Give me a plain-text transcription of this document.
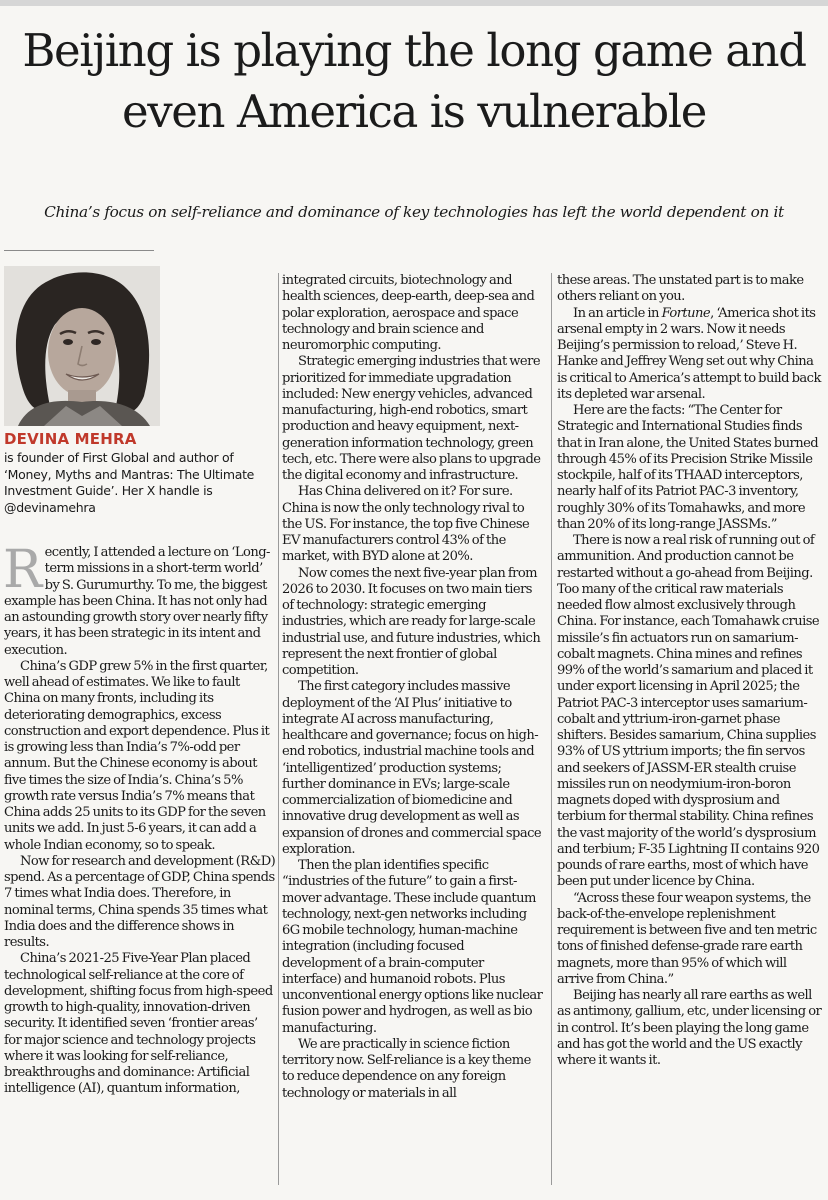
Beijing is playing the long game and even America is vulnerable
China’s focus on self-reliance and dominance of key technologies has left the world dependent on it
DEVINA MEHRA
is founder of First Global and author of ‘Money, Myths and Mantras: The Ultimate Investment Guide’. Her X handle is @devinamehra

Recently, I attended a lecture on ‘Long-term missions in a short-term world’ by S. Gurumurthy. To me, the biggest example has been China. It has not only had an astounding growth story over nearly fifty years, it has been strategic in its intent and execution.

China’s GDP grew 5% in the first quarter, well ahead of estimates. We like to fault China on many fronts, including its deteriorating demographics, excess construction and export dependence. Plus it is growing less than India’s 7%-odd per annum. But the Chinese economy is about five times the size of India’s. China’s 5% growth rate versus India’s 7% means that China adds 25 units to its GDP for the seven units we add. In just 5-6 years, it can add a whole Indian economy, so to speak.

Now for research and development (R&D) spend. As a percentage of GDP, China spends 7 times what India does. Therefore, in nominal terms, China spends 35 times what India does and the difference shows in results.

China’s 2021-25 Five-Year Plan placed technological self-reliance at the core of development, shifting focus from high-speed growth to high-quality, innovation-driven security. It identified seven ‘frontier areas’ for major science and technology projects where it was looking for self-reliance, breakthroughs and dominance: Artificial intelligence (AI), quantum information,

integrated circuits, biotechnology and health sciences, deep-earth, deep-sea and polar exploration, aerospace and space technology and brain science and neuromorphic computing.

Strategic emerging industries that were prioritized for immediate upgradation included: New energy vehicles, advanced manufacturing, high-end robotics, smart production and heavy equipment, next-generation information technology, green tech, etc. There were also plans to upgrade the digital economy and infrastructure.

Has China delivered on it? For sure. China is now the only technology rival to the US. For instance, the top five Chinese EV manufacturers control 43% of the market, with BYD alone at 20%.

Now comes the next five-year plan from 2026 to 2030. It focuses on two main tiers of technology: strategic emerging industries, which are ready for large-scale industrial use, and future industries, which represent the next frontier of global competition.

The first category includes massive deployment of the ‘AI Plus’ initiative to integrate AI across manufacturing, healthcare and governance; focus on high-end robotics, industrial machine tools and ‘intelligentized’ production systems; further dominance in EVs; large-scale commercialization of biomedicine and innovative drug development as well as expansion of drones and commercial space exploration.

Then the plan identifies specific “industries of the future” to gain a first-mover advantage. These include quantum technology, next-gen networks including 6G mobile technology, human-machine integration (including focused development of a brain-computer interface) and humanoid robots. Plus unconventional energy options like nuclear fusion power and hydrogen, as well as bio manufacturing.

We are practically in science fiction territory now. Self-reliance is a key theme to reduce dependence on any foreign technology or materials in all

these areas. The unstated part is to make others reliant on you.

In an article in Fortune, ‘America shot its arsenal empty in 2 wars. Now it needs Beijing’s permission to reload,’ Steve H. Hanke and Jeffrey Weng set out why China is critical to America’s attempt to build back its depleted war arsenal.

Here are the facts: “The Center for Strategic and International Studies finds that in Iran alone, the United States burned through 45% of its Precision Strike Missile stockpile, half of its THAAD interceptors, nearly half of its Patriot PAC-3 inventory, roughly 30% of its Tomahawks, and more than 20% of its long-range JASSMs.”

There is now a real risk of running out of ammunition. And production cannot be restarted without a go-ahead from Beijing. Too many of the critical raw materials needed flow almost exclusively through China. For instance, each Tomahawk cruise missile’s fin actuators run on samarium-cobalt magnets. China mines and refines 99% of the world’s samarium and placed it under export licensing in April 2025; the Patriot PAC-3 interceptor uses samarium-cobalt and yttrium-iron-garnet phase shifters. Besides samarium, China supplies 93% of US yttrium imports; the fin servos and seekers of JASSM-ER stealth cruise missiles run on neodymium-iron-boron magnets doped with dysprosium and terbium for thermal stability. China refines the vast majority of the world’s dysprosium and terbium; F-35 Lightning II contains 920 pounds of rare earths, most of which have been put under licence by China.

“Across these four weapon systems, the back-of-the-envelope replenishment requirement is between five and ten metric tons of finished defense-grade rare earth magnets, more than 95% of which will arrive from China.”

Beijing has nearly all rare earths as well as antimony, gallium, etc, under licensing or in control. It’s been playing the long game and has got the world and the US exactly where it wants it.
